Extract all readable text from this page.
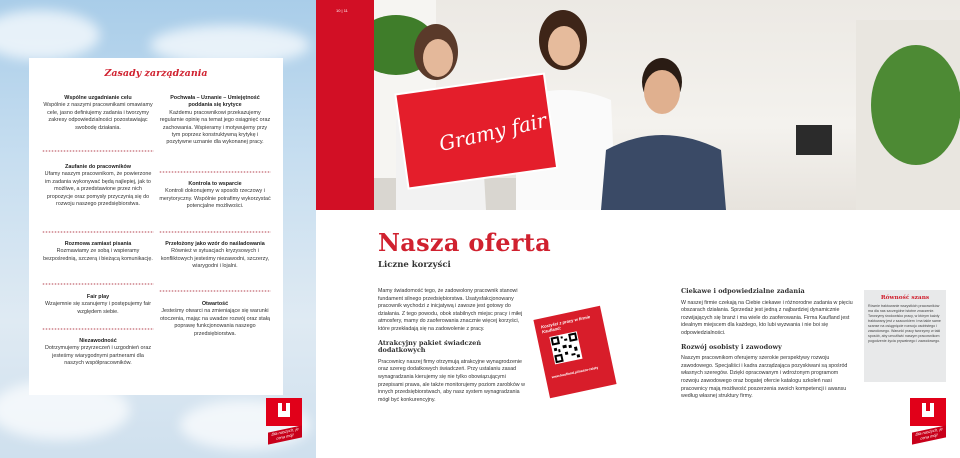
Zasady zarządzania
Wspólne uzgadnianie celu
Wspólnie z naszymi pracownikami omawiamy cele, jasno definiujemy zadania i tworzymy zakresy odpowiedzialności pozostawiając swobodę działania.
Pochwała – Uznanie – Umiejętność poddania się krytyce
Każdemu pracownikowi przekazujemy regularnie opinię na temat jego osiągnięć oraz zachowania. Wspieramy i motywujemy przy tym poprzez konstruktywną krytykę i pozytywne uznanie dla wykonanej pracy.
Zaufanie do pracowników
Ufamy naszym pracownikom, że powierzone im zadania wykonywać będą najlepiej, jak to możliwe, a przedstawione przez nich propozycje oraz pomysły przyczynią się do rozwoju naszego przedsiębiorstwa.
Kontrola to wsparcie
Kontroli dokonujemy w sposób rzeczowy i merytoryczny. Wspólnie potrafimy wykorzystać potencjalne możliwości.
Rozmowa zamiast pisania
Rozmawiamy ze sobą i wspieramy bezpośrednią, szczerą i bieżącą komunikację.
Przełożony jako wzór do naśladowania
Również w sytuacjach kryzysowych i konfliktowych jesteśmy niezawodni, szczerzy, wiarygodni i lojalni.
Fair play
Wzajemnie się szanujemy i postępujemy fair względem siebie.
Otwartość
Jesteśmy otwarci na zmieniające się warunki otoczenia, mając na uwadze rozwój oraz stałą poprawę funkcjonowania naszego przedsiębiorstwa.
Niezawodność
Dotrzymujemy przyrzeczeń i uzgodnień oraz jesteśmy wiarygodnymi partnerami dla naszych współpracowników.
Dla naszych, je cena mój!
10 | 11
Gramy fair
Nasza oferta
Liczne korzyści

Mamy świadomość tego, że zadowolony pracownik stanowi fundament silnego przedsiębiorstwa. Usatysfakcjonowany pracownik wychodzi z inicjatywą i zawsze jest gotowy do działania. Z tego powodu, obok stabilnych miejsc pracy i miłej atmosfery, mamy do zaoferowania znacznie więcej korzyści, które przekładają się na zadowolenie z pracy.

Atrakcyjny pakiet świadczeń dodatkowych

Pracownicy naszej firmy otrzymują atrakcyjne wynagrodzenie oraz szereg dodatkowych świadczeń. Przy ustalaniu zasad wynagradzania kierujemy się nie tylko obowiązującymi przepisami prawa, ale także monitorujemy poziom zarobków w innych przedsiębiorstwach, aby nasz system wynagradzania mógł być konkurencyjny.

Korzyści z pracy w firmie Kaufland:
www.kaufland.pl/nasze-zalety
Ciekawe i odpowiedzialne zadania

W naszej firmie czekają na Ciebie ciekawe i różnorodne zadania w pięciu obszarach działania. Sprzedaż jest jedną z najbardziej dynamicznie rozwijających się branż i ma wiele do zaoferowania. Firma Kaufland jest idealnym miejscem dla każdego, kto lubi wyzwania i nie boi się odpowiedzialności.

Rozwój osobisty i zawodowy

Naszym pracownikom oferujemy szerokie perspektywy rozwoju zawodowego. Specjaliści i kadra zarządzająca pozyskiwani są spośród własnych szeregów. Dzięki opracowanym i wdrożonym programom rozwoju zawodowego oraz bogatej ofercie katalogu szkoleń nasi pracownicy mają możliwość poszerzenia swoich kompetencji i awansu według własnej struktury firmy.

Równość szans
Równie traktowanie wszystkich pracowników ma dla nas szczególne istotne znaczenie. Tworzymy środowisko pracy, w którym każdy traktowany jest z szacunkiem i ma takie same szanse na osiągnięcie rozwoju osobistego i zawodowego. Warunki pracy tworzymy w taki sposób, aby umożliwić naszym pracownikom pogodzenie życia prywatnego i zawodowego.
Dla naszych, je cena mój!
